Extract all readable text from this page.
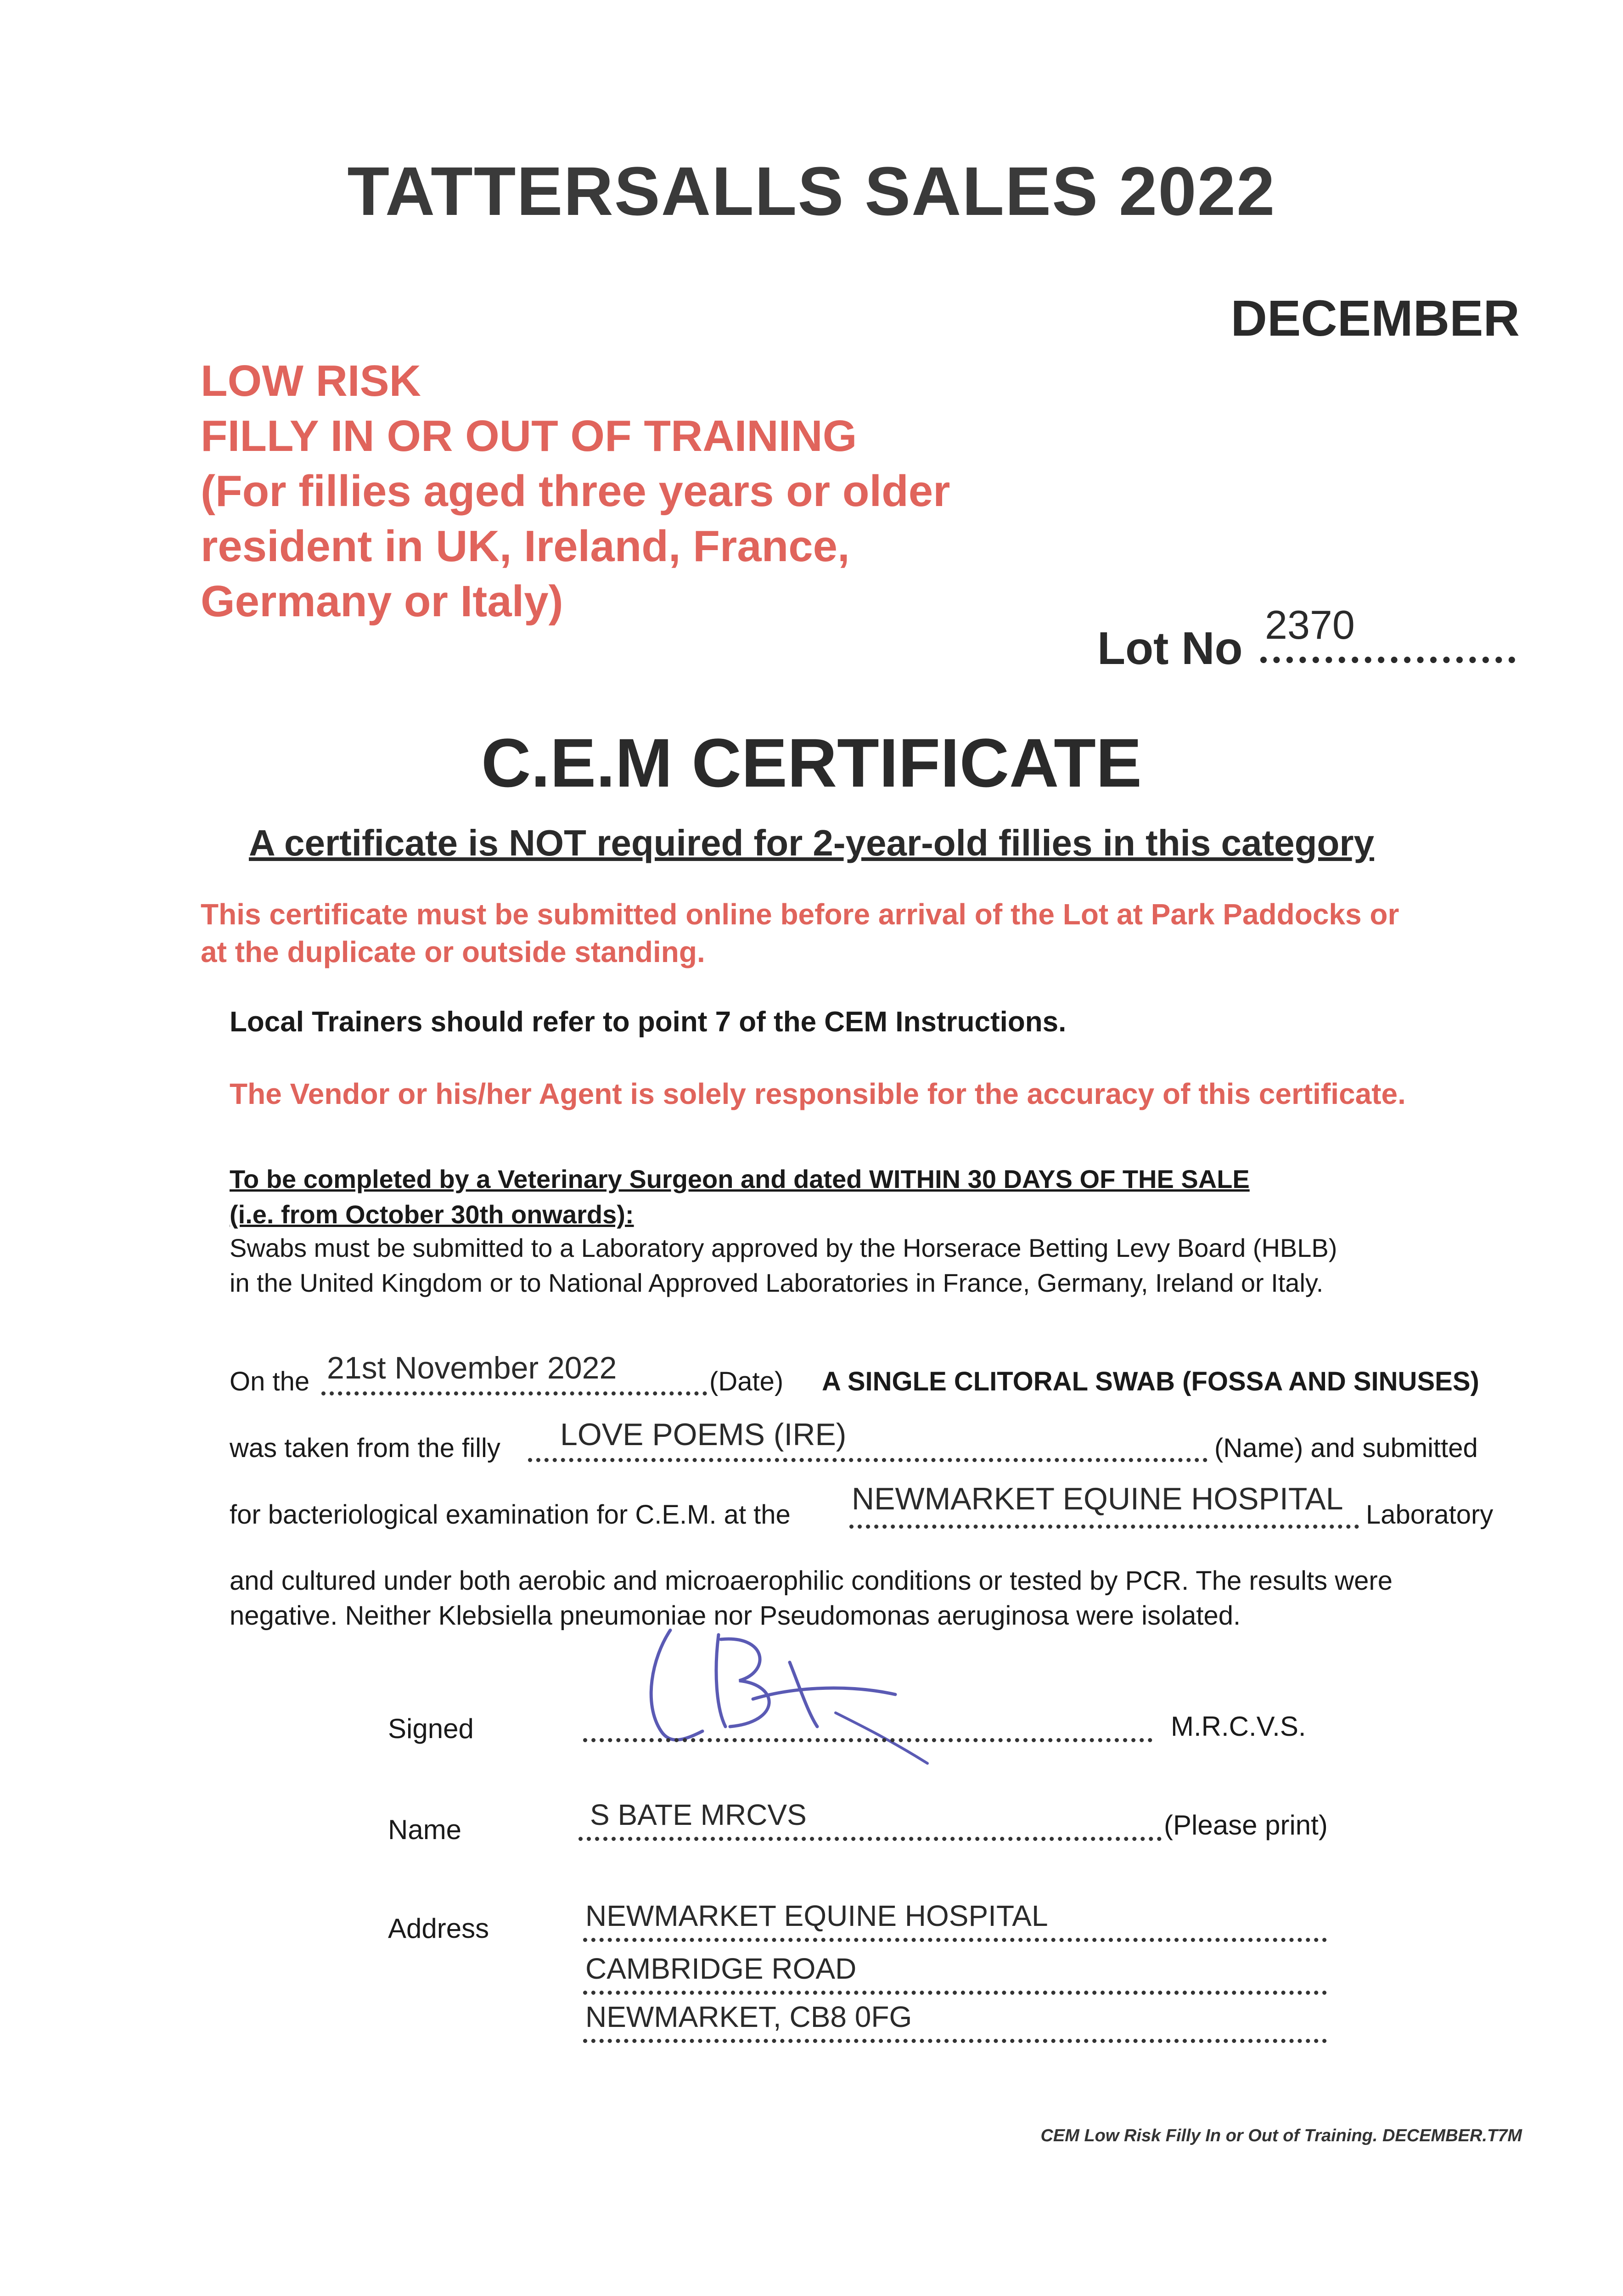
TATTERSALLS SALES 2022
DECEMBER
LOW RISK
FILLY IN OR OUT OF TRAINING
(For fillies aged three years or older
resident in UK, Ireland, France,
Germany or Italy)
Lot No 2370
C.E.M CERTIFICATE
A certificate is NOT required for 2-year-old fillies in this category
This certificate must be submitted online before arrival of the Lot at Park Paddocks or
at the duplicate or outside standing.
Local Trainers should refer to point 7 of the CEM Instructions.
The Vendor or his/her Agent is solely responsible for the accuracy of this certificate.
To be completed by a Veterinary Surgeon and dated WITHIN 30 DAYS OF THE SALE
(i.e. from October 30th onwards):
Swabs must be submitted to a Laboratory approved by the Horserace Betting Levy Board (HBLB)
in the United Kingdom or to National Approved Laboratories in France, Germany, Ireland or Italy.
On the 21st November 2022	(Date) A SINGLE CLITORAL SWAB (FOSSA AND SINUSES)
was taken from the filly LOVE POEMS (IRE)	(Name) and submitted
for bacteriological examination for C.E.M. at the NEWMARKET EQUINE HOSPITAL Laboratory
and cultured under both aerobic and microaerophilic conditions or tested by PCR. The results were
negative. Neither Klebsiella pneumoniae nor Pseudomonas aeruginosa were isolated.
Signed	M.R.C.V.S.
Name	S BATE MRCVS	(Please print)
Address	NEWMARKET EQUINE HOSPITAL
CAMBRIDGE ROAD
NEWMARKET, CB8 0FG
CEM Low Risk Filly In or Out of Training. DECEMBER.T7M
